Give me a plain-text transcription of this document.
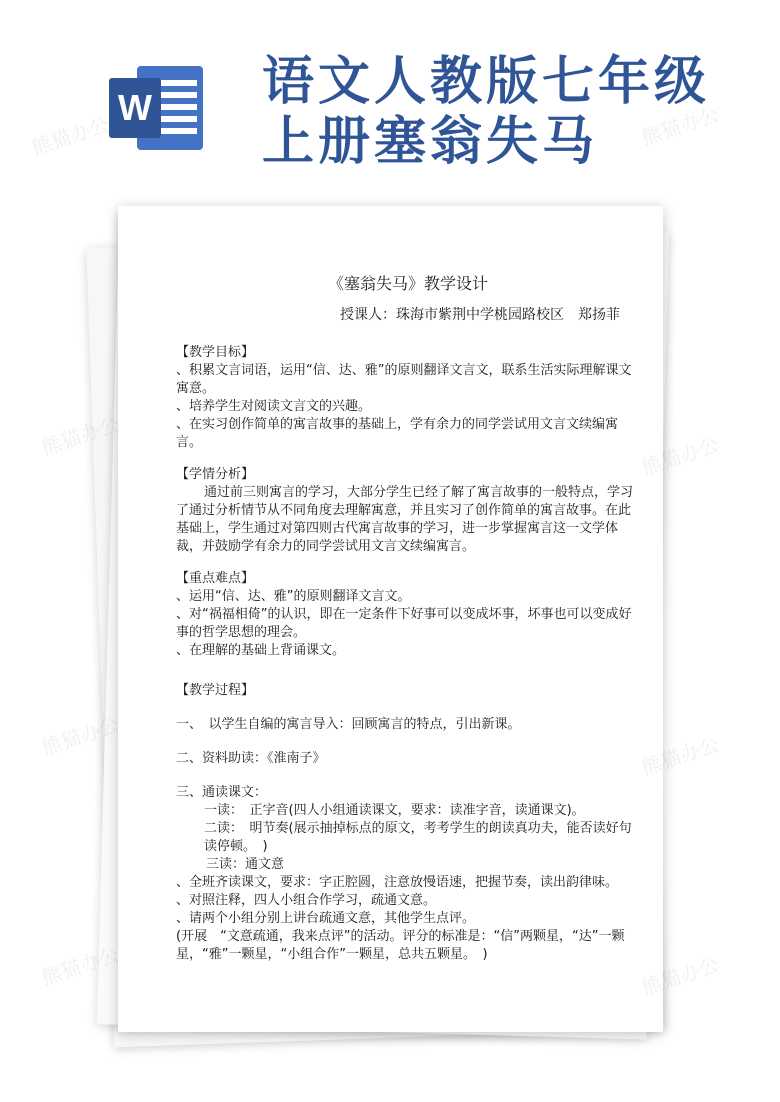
W 语文人教版七年级
上册塞翁失马
熊猫办公	熊猫办公
熊猫办公	熊猫办公
熊猫办公	熊猫办公
熊猫办公	熊猫办公
《塞翁失马》教学设计
授课人：珠海市紫荆中学桃园路校区　郑扬菲
【教学目标】
、积累文言词语，运用“信、达、雅”的原则翻译文言文，联系生活实际理解课文寓意。
、培养学生对阅读文言文的兴趣。
、在实习创作简单的寓言故事的基础上，学有余力的同学尝试用文言文续编寓言。
【学情分析】
通过前三则寓言的学习，大部分学生已经了解了寓言故事的一般特点，学习了通过分析情节从不同角度去理解寓意，并且实习了创作简单的寓言故事。在此基础上，学生通过对第四则古代寓言故事的学习，进一步掌握寓言这一文学体裁，并鼓励学有余力的同学尝试用文言文续编寓言。
【重点难点】
、运用“信、达、雅”的原则翻译文言文。
、对“祸福相倚”的认识，即在一定条件下好事可以变成坏事，坏事也可以变成好事的哲学思想的理会。
、在理解的基础上背诵课文。
【教学过程】
一、　以学生自编的寓言导入：回顾寓言的特点，引出新课。
二、资料助读：《淮南子》
三、通读课文：
一读：　正字音(四人小组通读课文，要求：读准字音，读通课文)。
二读：　明节奏(展示抽掉标点的原文，考考学生的朗读真功夫，能否读好句读停顿。　)
三读：通文意
、全班齐读课文，要求：字正腔圆，注意放慢语速，把握节奏，读出韵律味。
、对照注释，四人小组合作学习，疏通文意。
、请两个小组分别上讲台疏通文意，其他学生点评。
(开展　“文意疏通，我来点评”的活动。评分的标准是：“信”两颗星，“达”一颗星，“雅”一颗星，“小组合作”一颗星，总共五颗星。　)
